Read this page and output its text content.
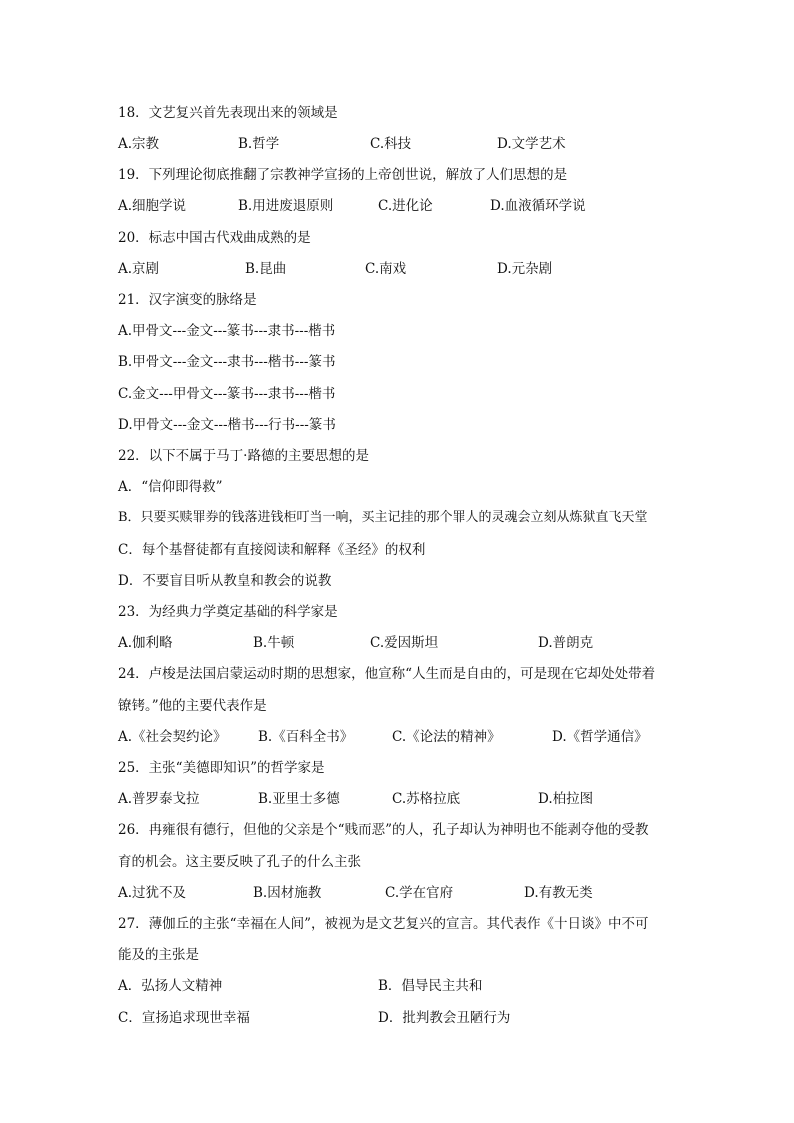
18．文艺复兴首先表现出来的领域是
A.宗教	B.哲学	C.科技	D.文学艺术
19．下列理论彻底推翻了宗教神学宣扬的上帝创世说，解放了人们思想的是
A.细胞学说	B.用进废退原则	C.进化论	D.血液循环学说
20．标志中国古代戏曲成熟的是
A.京剧	B.昆曲	C.南戏	D.元杂剧
21．汉字演变的脉络是
A.甲骨文---金文---篆书---隶书---楷书
B.甲骨文---金文---隶书---楷书---篆书
C.金文---甲骨文---篆书---隶书---楷书
D.甲骨文---金文---楷书---行书---篆书
22．以下不属于马丁·路德的主要思想的是
A．“信仰即得救”
B．只要买赎罪券的钱落进钱柜叮当一响，买主记挂的那个罪人的灵魂会立刻从炼狱直飞天堂
C．每个基督徒都有直接阅读和解释《圣经》的权利
D．不要盲目听从教皇和教会的说教
23．为经典力学奠定基础的科学家是
A.伽利略	B.牛顿	C.爱因斯坦	D.普朗克
24．卢梭是法国启蒙运动时期的思想家，他宣称“人生而是自由的，可是现在它却处处带着
镣铐。”他的主要代表作是
A.《社会契约论》 B.《百科全书》	C.《论法的精神》	D.《哲学通信》
25．主张“美德即知识”的哲学家是
A.普罗泰戈拉	B.亚里士多德	C.苏格拉底	D.柏拉图
26．冉雍很有德行，但他的父亲是个“贱而恶”的人，孔子却认为神明也不能剥夺他的受教
育的机会。这主要反映了孔子的什么主张
A.过犹不及	B.因材施教	C.学在官府	D.有教无类
27．薄伽丘的主张“幸福在人间”，被视为是文艺复兴的宣言。其代表作《十日谈》中不可
能及的主张是
A．弘扬人文精神	B．倡导民主共和
C．宣扬追求现世幸福	D．批判教会丑陋行为
